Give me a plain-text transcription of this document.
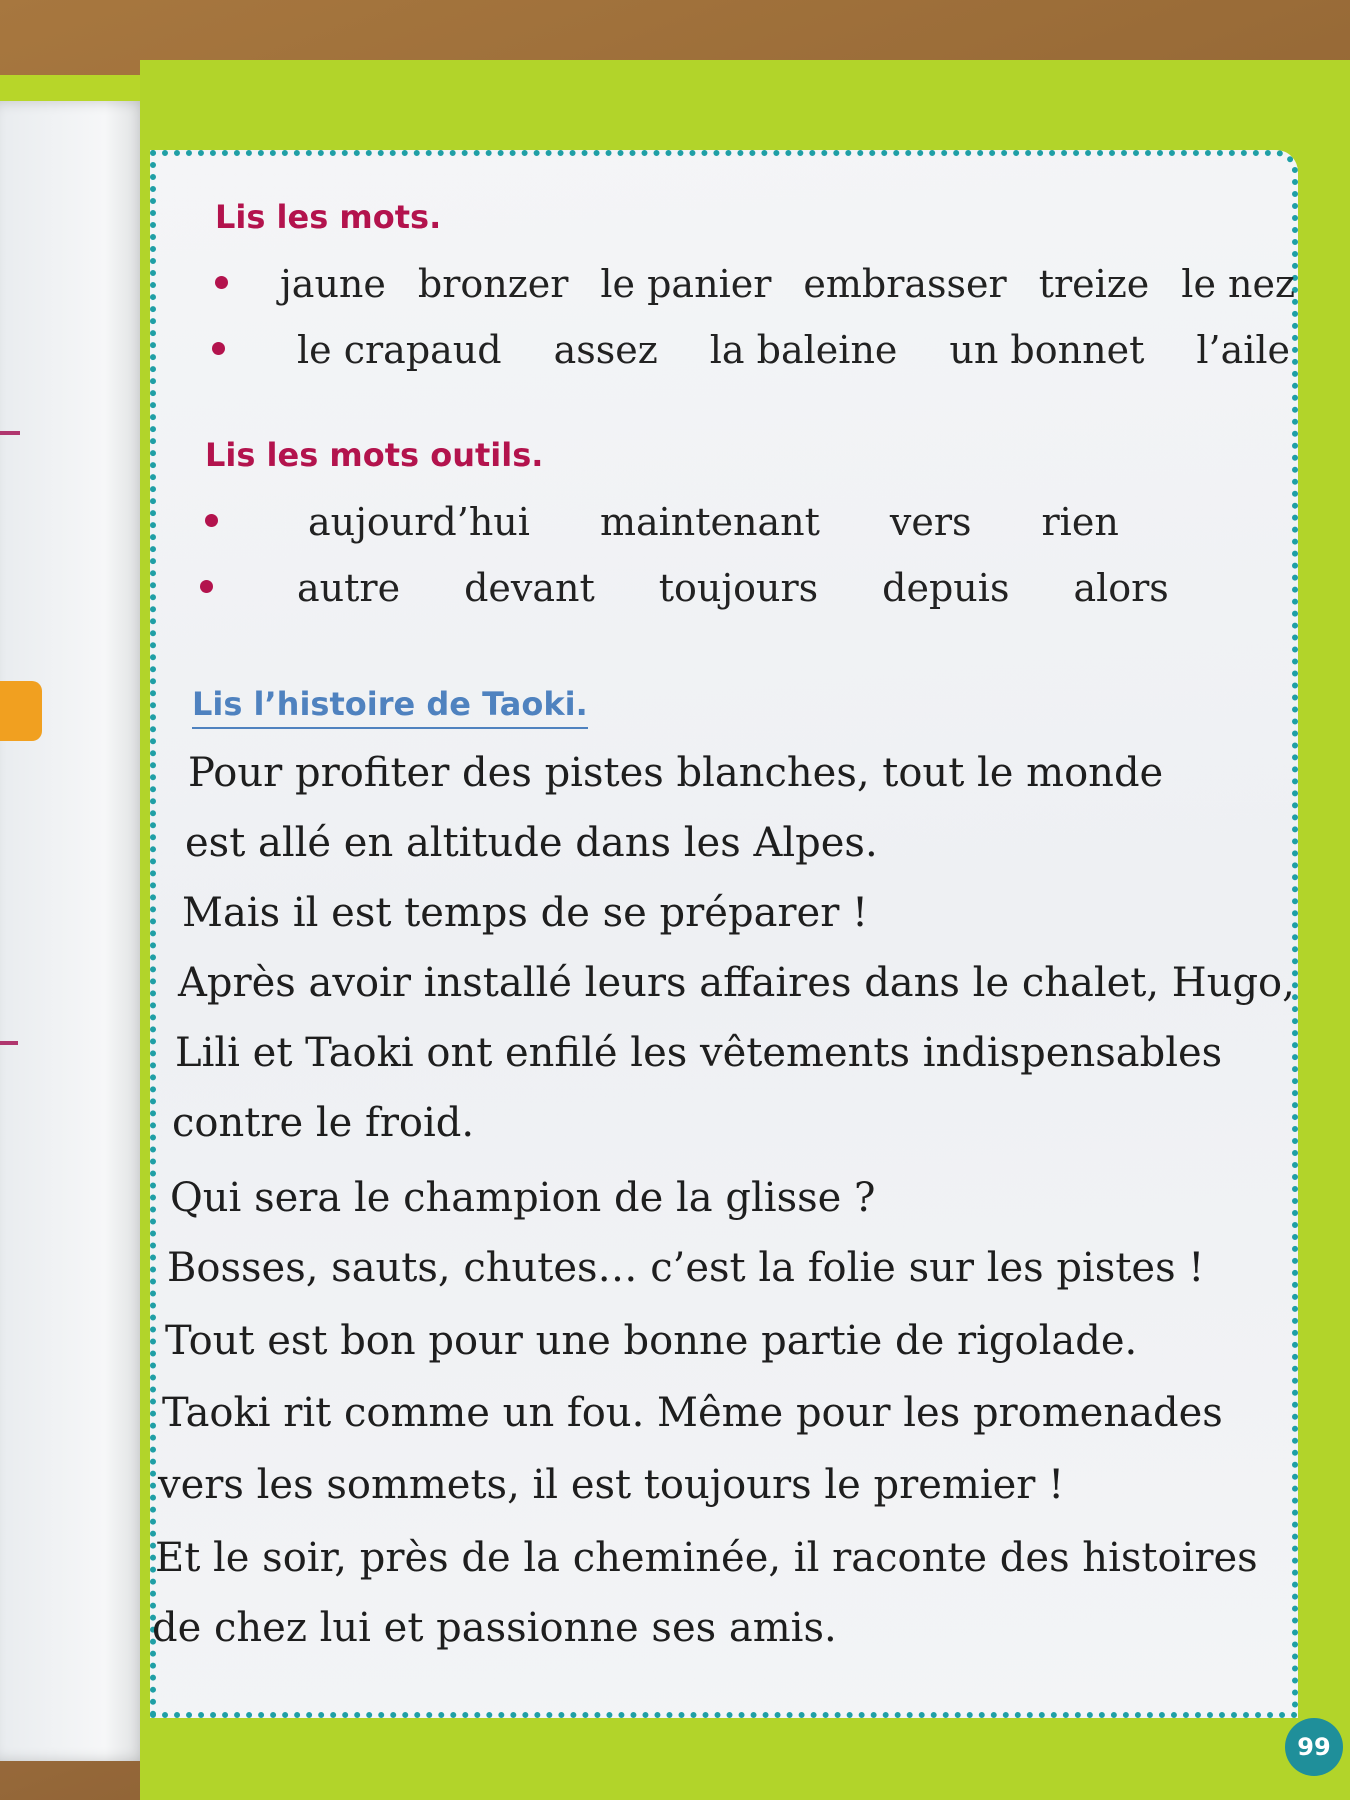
Lis les mots.
jaune bronzer le panier embrasser treize le nez
le crapaud assez la baleine un bonnet l’aile
Lis les mots outils.
aujourd’hui maintenant vers rien
autre devant toujours depuis alors
Lis l’histoire de Taoki.
Pour profiter des pistes blanches, tout le monde
est allé en altitude dans les Alpes.
Mais il est temps de se préparer !
Après avoir installé leurs affaires dans le chalet, Hugo,
Lili et Taoki ont enfilé les vêtements indispensables
contre le froid.
Qui sera le champion de la glisse ?
Bosses, sauts, chutes… c’est la folie sur les pistes !
Tout est bon pour une bonne partie de rigolade.
Taoki rit comme un fou. Même pour les promenades
vers les sommets, il est toujours le premier !
Et le soir, près de la cheminée, il raconte des histoires
de chez lui et passionne ses amis.
99
